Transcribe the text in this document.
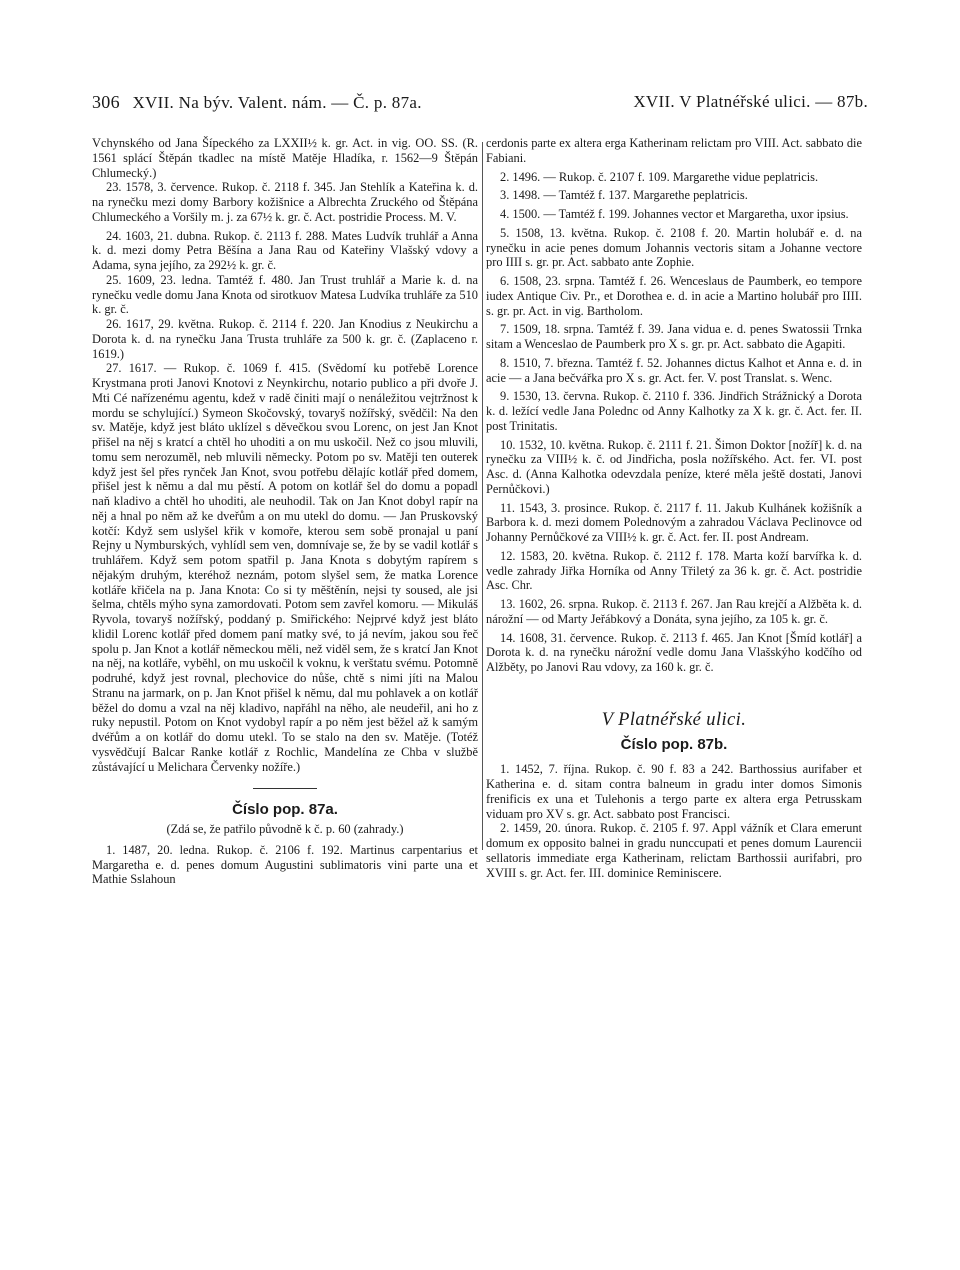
306 XVII. Na býv. Valent. nám. — Č. p. 87a.	XVII. V Platnéřské ulici. — 87b.

Vchynského od Jana Šípeckého za LXXII½ k. gr. Act. in vig. OO. SS. (R. 1561 splácí Štěpán tkadlec na místě Matěje Hladíka, r. 1562—9 Štěpán Chlumecký.)

23. 1578, 3. července. Rukop. č. 2118 f. 345. Jan Stehlík a Kateřina k. d. na rynečku mezi domy Barbory kožišnice a Albrechta Zruckého od Štěpána Chlumeckého a Voršily m. j. za 67½ k. gr. č. Act. postridie Process. M. V.

24. 1603, 21. dubna. Rukop. č. 2113 f. 288. Mates Ludvík truhlář a Anna k. d. mezi domy Petra Běšína a Jana Rau od Kateřiny Vlašský vdovy a Adama, syna jejího, za 292½ k. gr. č.

25. 1609, 23. ledna. Tamtéž f. 480. Jan Trust truhlář a Marie k. d. na rynečku vedle domu Jana Knota od sirotkuov Matesa Ludvíka truhláře za 510 k. gr. č.

26. 1617, 29. května. Rukop. č. 2114 f. 220. Jan Knodius z Neukirchu a Dorota k. d. na rynečku Jana Trusta truhláře za 500 k. gr. č. (Zaplaceno r. 1619.)

27. 1617. — Rukop. č. 1069 f. 415. (Svědomí ku potřebě Lorence Krystmana proti Janovi Knotovi z Neynkirchu, notario publico a při dvoře J. Mti Cé nařízenému agentu, kdež v radě činiti mají o nenáležitou vejtržnost k mordu se schylující.) Symeon Skočovský, tovaryš nožířský, svědčil: Na den sv. Matěje, když jest bláto uklízel s děvečkou svou Lorenc, on jest Jan Knot přišel na něj s kratcí a chtěl ho uhoditi a on mu uskočil. Než co jsou mluvili, tomu sem nerozuměl, neb mluvili německy. Potom po sv. Matěji ten outerek když jest šel přes rynček Jan Knot, svou potřebu dělajíc kotlář před domem, přišel jest k němu a dal mu pěstí. A potom on kotlář šel do domu a popadl naň kladivo a chtěl ho uhoditi, ale neuhodil. Tak on Jan Knot dobyl rapír na něj a hnal po něm až ke dveřům a on mu utekl do domu. — Jan Pruskovský kotčí: Když sem uslyšel křik v komoře, kterou sem sobě pronajal u paní Rejny u Nymburských, vyhlídl sem ven, domnívaje se, že by se vadil kotlář s truhlářem. Když sem potom spatřil p. Jana Knota s dobytým rapírem s nějakým druhým, kteréhož neznám, potom slyšel sem, že matka Lorence kotláře křičela na p. Jana Knota: Co si ty měštěnín, nejsi ty soused, ale jsi šelma, chtěls mýho syna zamordovati. Potom sem zavřel komoru. — Mikuláš Ryvola, tovaryš nožířský, poddaný p. Smiřického: Nejprvé když jest bláto klidil Lorenc kotlář před domem paní matky své, to já nevím, jakou sou řeč spolu p. Jan Knot a kotlář německou měli, než viděl sem, že s kratcí Jan Knot na něj, na kotláře, vyběhl, on mu uskočil k voknu, k verštatu svému. Potomně podruhé, když jest rovnal, plechovice do nůše, chtě s nimi jíti na Malou Stranu na jarmark, on p. Jan Knot přišel k němu, dal mu pohlavek a on kotlář běžel do domu a vzal na něj kladivo, napřáhl na něho, ale neudeřil, ani ho z ruky nepustil. Potom on Knot vydobyl rapír a po něm jest běžel až k samým dvéřům a on kotlář do domu utekl. To se stalo na den sv. Matěje. (Totéž vysvědčují Balcar Ranke kotlář z Rochlic, Mandelína ze Chba v službě zůstávající u Melichara Červenky nožíře.)

Číslo pop. 87a.
(Zdá se, že patřilo původně k č. p. 60 (zahrady.)

1. 1487, 20. ledna. Rukop. č. 2106 f. 192. Martinus carpentarius et Margaretha e. d. penes domum Augustini sublimatoris vini parte una et Mathie Sslahoun

cerdonis parte ex altera erga Katherinam relictam pro VIII. Act. sabbato die Fabiani.

2. 1496. — Rukop. č. 2107 f. 109. Margarethe vidue peplatricis.

3. 1498. — Tamtéž f. 137. Margarethe peplatricis.

4. 1500. — Tamtéž f. 199. Johannes vector et Margaretha, uxor ipsius.

5. 1508, 13. května. Rukop. č. 2108 f. 20. Martin holubář e. d. na rynečku in acie penes domum Johannis vectoris sitam a Johanne vectore pro IIII s. gr. pr. Act. sabbato ante Zophie.

6. 1508, 23. srpna. Tamtéž f. 26. Wenceslaus de Paumberk, eo tempore iudex Antique Civ. Pr., et Dorothea e. d. in acie a Martino holubář pro IIII. s. gr. pr. Act. in vig. Bartholom.

7. 1509, 18. srpna. Tamtéž f. 39. Jana vidua e. d. penes Swatossii Trnka sitam a Wenceslao de Paumberk pro X s. gr. pr. Act. sabbato die Agapiti.

8. 1510, 7. března. Tamtéž f. 52. Johannes dictus Kalhot et Anna e. d. in acie — a Jana bečvářka pro X s. gr. Act. fer. V. post Translat. s. Wenc.

9. 1530, 13. června. Rukop. č. 2110 f. 336. Jindřich Strážnický a Dorota k. d. ležící vedle Jana Polednc od Anny Kalhotky za X k. gr. č. Act. fer. II. post Trinitatis.

10. 1532, 10. května. Rukop. č. 2111 f. 21. Šimon Doktor [nožíř] k. d. na rynečku za VIII½ k. č. od Jindřicha, posla nožířského. Act. fer. VI. post Asc. d. (Anna Kalhotka odevzdala peníze, které měla ještě dostati, Janovi Pernůčkovi.)

11. 1543, 3. prosince. Rukop. č. 2117 f. 11. Jakub Kulhánek kožišník a Barbora k. d. mezi domem Polednovým a zahradou Václava Peclinovce od Johanny Pernůčkové za VIII½ k. gr. č. Act. fer. II. post Andream.

12. 1583, 20. května. Rukop. č. 2112 f. 178. Marta koží barvířka k. d. vedle zahrady Jiřka Horníka od Anny Třiletý za 36 k. gr. č. Act. postridie Asc. Chr.

13. 1602, 26. srpna. Rukop. č. 2113 f. 267. Jan Rau krejčí a Alžběta k. d. nárožní — od Marty Jeřábkový a Donáta, syna jejího, za 105 k. gr. č.

14. 1608, 31. července. Rukop. č. 2113 f. 465. Jan Knot [Šmíd kotlář] a Dorota k. d. na rynečku nárožní vedle domu Jana Vlašskýho kodčího od Alžběty, po Janovi Rau vdovy, za 160 k. gr. č.

V Platnéřské ulici.
Číslo pop. 87b.

1. 1452, 7. října. Rukop. č. 90 f. 83 a 242. Barthossius aurifaber et Katherina e. d. sitam contra balneum in gradu inter domos Simonis frenificis ex una et Tulehonis a tergo parte ex altera erga Petrusskam viduam pro XV s. gr. Act. sabbato post Francisci.

2. 1459, 20. února. Rukop. č. 2105 f. 97. Appl vážník et Clara emerunt domum ex opposito balnei in gradu nunccupati et penes domum Laurencii sellatoris immediate erga Katherinam, relictam Barthossii aurifabri, pro XVIII s. gr. Act. fer. III. dominice Reminiscere.
